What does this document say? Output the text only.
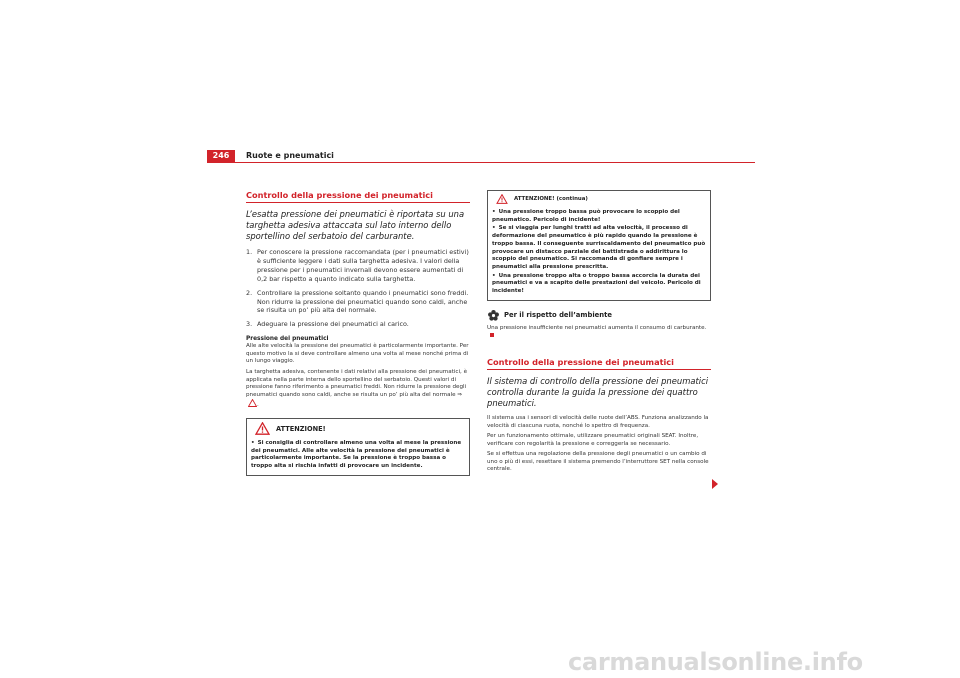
246	Ruote e pneumatici
Controllo della pressione dei pneumatici
L’esatta pressione dei pneumatici è riportata su una targhetta adesiva attaccata sul lato interno dello sportellino del serbatoio del carburante.
1. Per conoscere la pressione raccomandata (per i pneumatici estivi) è sufficiente leggere i dati sulla targhetta adesiva. I valori della pressione per i pneumatici invernali devono essere aumentati di 0,2 bar rispetto a quanto indicato sulla targhetta.
2. Controllare la pressione soltanto quando i pneumatici sono freddi. Non ridurre la pressione dei pneumatici quando sono caldi, anche se risulta un po’ più alta del normale.
3. Adeguare la pressione dei pneumatici al carico.
Pressione dei pneumatici
Alle alte velocità la pressione dei pneumatici è particolarmente importante. Per questo motivo la si deve controllare almeno una volta al mese nonché prima di un lungo viaggio.
La targhetta adesiva, contenente i dati relativi alla pressione dei pneumatici, è applicata nella parte interna dello sportellino del serbatoio. Questi valori di pressione fanno riferimento a pneumatici freddi. Non ridurre la pressione degli pneumatici quando sono caldi, anche se risulta un po’ più alta del normale ⇒.
ATTENZIONE!
• Si consiglia di controllare almeno una volta al mese la pressione dei pneumatici. Alle alte velocità la pressione dei pneumatici è particolarmente importante. Se la pressione è troppo bassa o troppo alta si rischia infatti di provocare un incidente.
ATTENZIONE! (continua)
• Una pressione troppo bassa può provocare lo scoppio del pneumatico. Pericolo di incidente!
• Se si viaggia per lunghi tratti ad alta velocità, il processo di deformazione del pneumatico è più rapido quando la pressione è troppo bassa. Il conseguente surriscaldamento del pneumatico può provocare un distacco parziale del battistrada o addirittura lo scoppio del pneumatico. Si raccomanda di gonfiare sempre i pneumatici alla pressione prescritta.
• Una pressione troppo alta o troppo bassa accorcia la durata dei pneumatici e va a scapito delle prestazioni del veicolo. Pericolo di incidente!
Per il rispetto dell’ambiente
Una pressione insufficiente nei pneumatici aumenta il consumo di carburante.
Controllo della pressione dei pneumatici
Il sistema di controllo della pressione dei pneumatici controlla durante la guida la pressione dei quattro pneumatici.
Il sistema usa i sensori di velocità delle ruote dell’ABS. Funziona analizzando la velocità di ciascuna ruota, nonché lo spettro di frequenza.
Per un funzionamento ottimale, utilizzare pneumatici originali SEAT. Inoltre, verificare con regolarità la pressione e correggerla se necessario.
Se si effettua una regolazione della pressione degli pneumatici o un cambio di uno o più di essi, resettare il sistema premendo l’interruttore SET nella console centrale.
carmanualsonline.info
